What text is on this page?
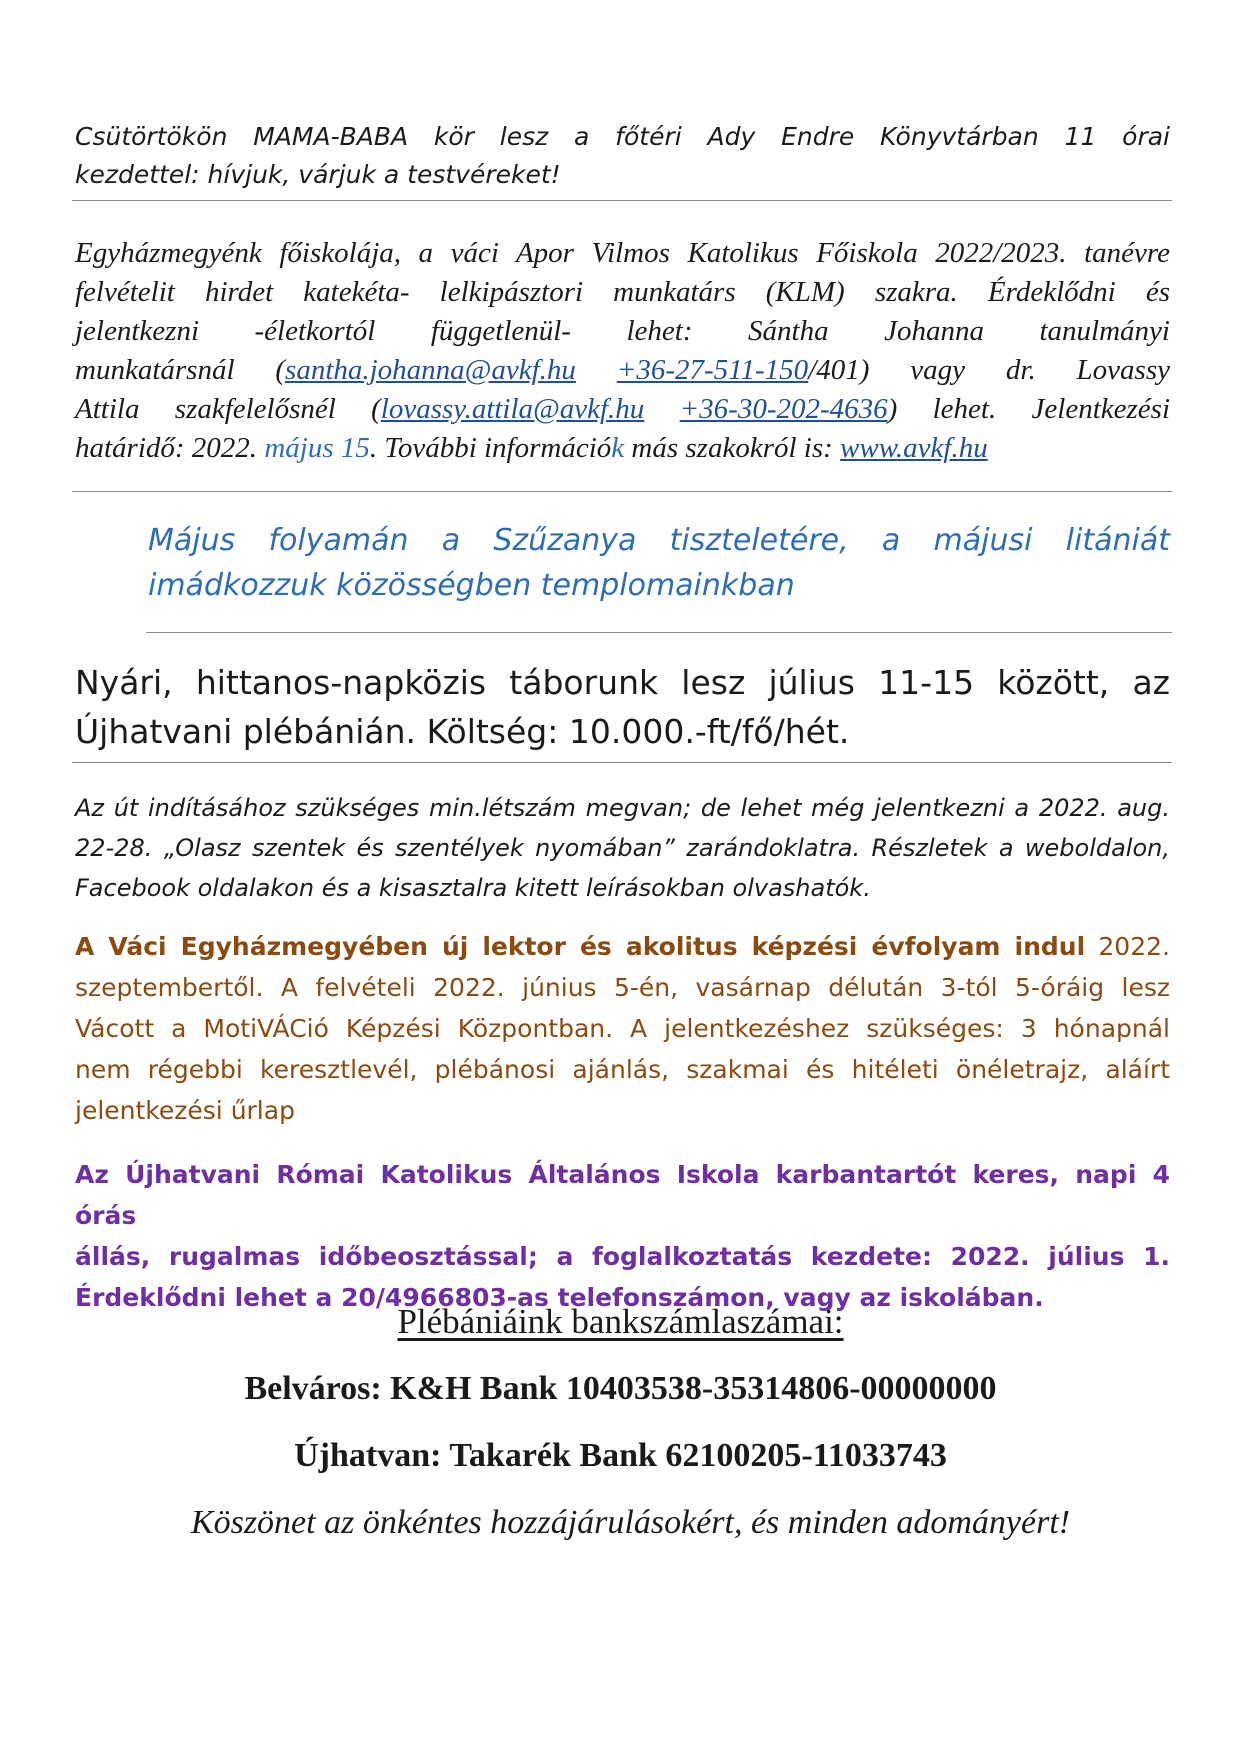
Csütörtökön MAMA-BABA kör lesz a főtéri Ady Endre Könyvtárban 11 órai
kezdettel: hívjuk, várjuk a testvéreket!
Egyházmegyénk főiskolája, a váci Apor Vilmos Katolikus Főiskola 2022/2023. tanévre
felvételit hirdet katekéta- lelkipásztori munkatárs (KLM) szakra. Érdeklődni és
jelentkezni -életkortól függetlenül- lehet: Sántha Johanna tanulmányi
munkatársnál (santha.johanna@avkf.hu +36-27-511-150/401) vagy dr. Lovassy
Attila szakfelelősnél (lovassy.attila@avkf.hu +36-30-202-4636) lehet. Jelentkezési
határidő: 2022. május 15. További információk más szakokról is: www.avkf.hu
Május folyamán a Szűzanya tiszteletére, a májusi litániát
imádkozzuk közösségben templomainkban
Nyári, hittanos-napközis táborunk lesz július 11-15 között, az
Újhatvani plébánián. Költség: 10.000.-ft/fő/hét.
Az út indításához szükséges min.létszám megvan; de lehet még jelentkezni a 2022. aug.
22-28. „Olasz szentek és szentélyek nyomában” zarándoklatra. Részletek a weboldalon,
Facebook oldalakon és a kisasztalra kitett leírásokban olvashatók.
A Váci Egyházmegyében új lektor és akolitus képzési évfolyam indul 2022.
szeptembertől. A felvételi 2022. június 5-én, vasárnap délután 3-tól 5-óráig lesz
Vácott a MotiVÁCió Képzési Központban. A jelentkezéshez szükséges: 3 hónapnál
nem régebbi keresztlevél, plébánosi ajánlás, szakmai és hitéleti önéletrajz, aláírt
jelentkezési űrlap
Az Újhatvani Római Katolikus Általános Iskola karbantartót keres, napi 4 órás
állás, rugalmas időbeosztással; a foglalkoztatás kezdete: 2022. július 1.
Érdeklődni lehet a 20/4966803-as telefonszámon, vagy az iskolában.
Plébániáink bankszámlaszámai:
Belváros: K&H Bank 10403538-35314806-00000000
Újhatvan: Takarék Bank 62100205-11033743
Köszönet az önkéntes hozzájárulásokért, és minden adományért!
